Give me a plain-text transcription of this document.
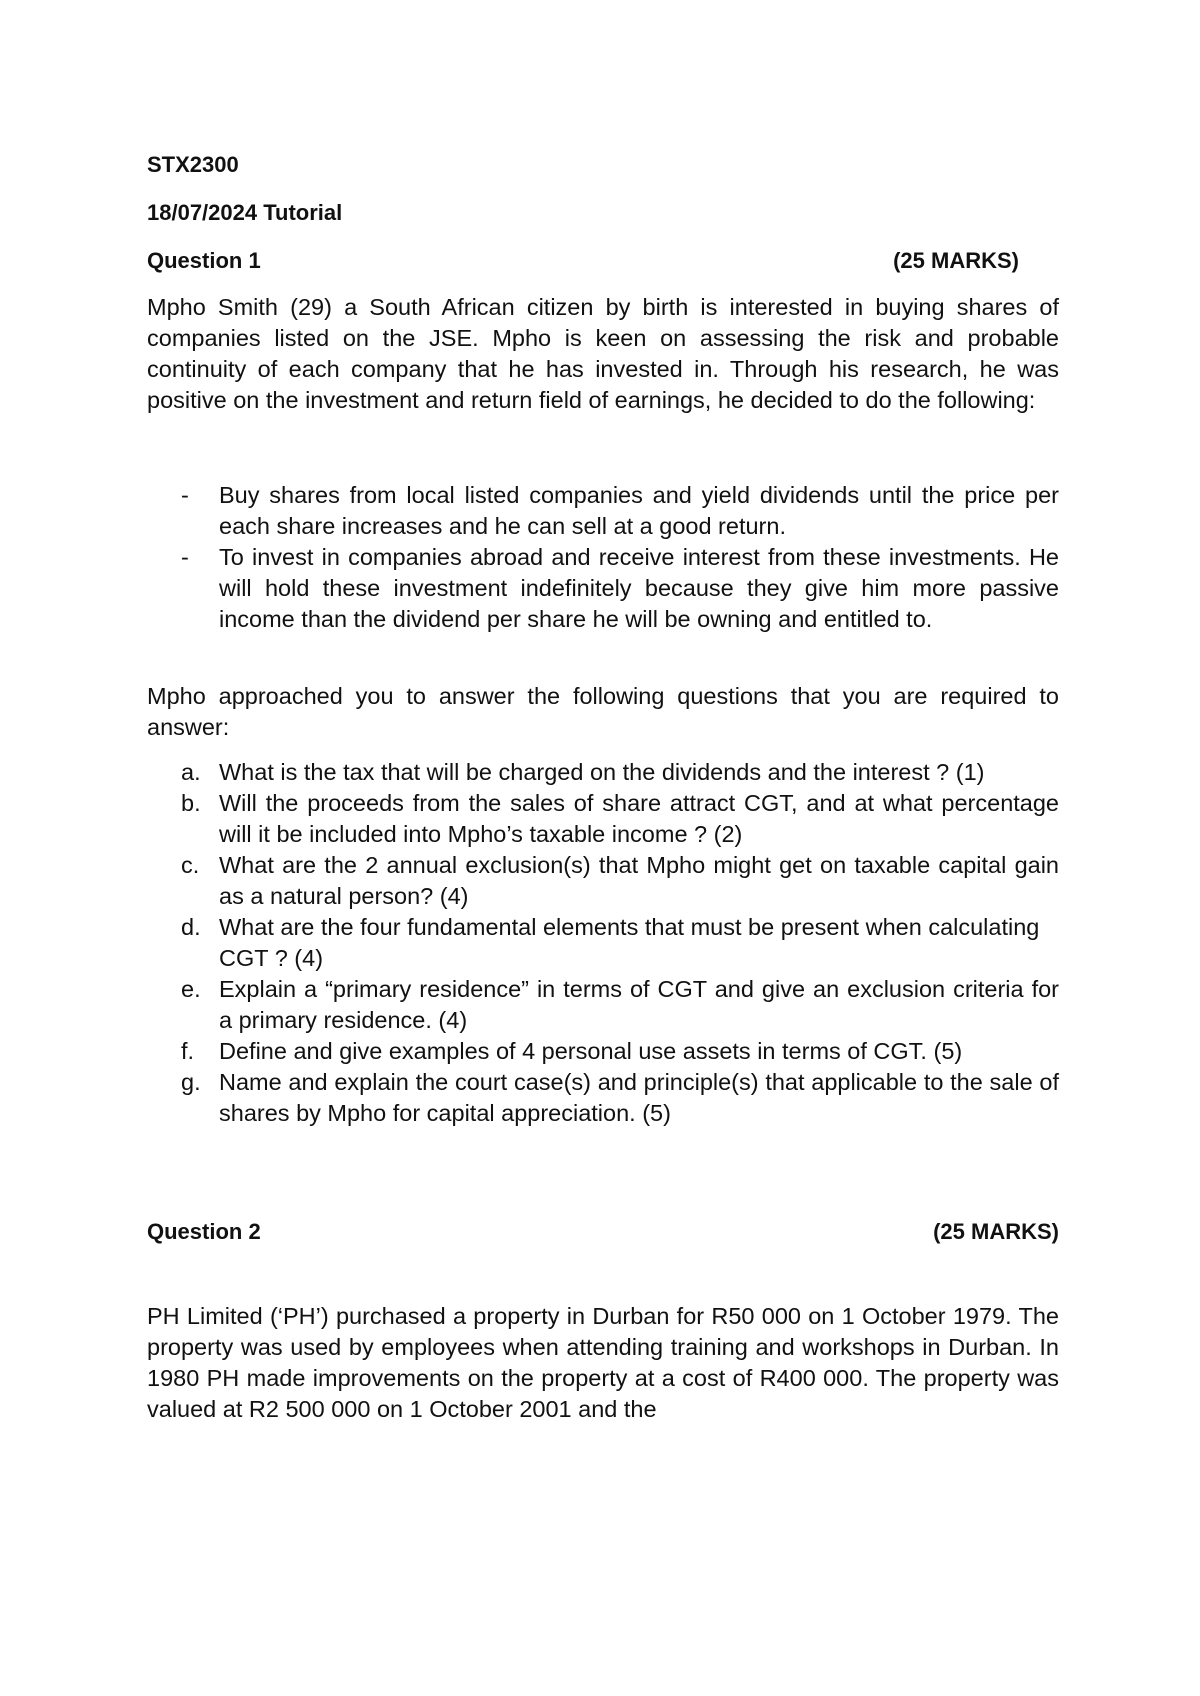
STX2300

18/07/2024 Tutorial
Question 1	(25 MARKS)

Mpho Smith (29) a South African citizen by birth is interested in buying shares of companies listed on the JSE. Mpho is keen on assessing the risk and probable continuity of each company that he has invested in. Through his research, he was positive on the investment and return field of earnings, he decided to do the following:

- Buy shares from local listed companies and yield dividends until the price per each share increases and he can sell at a good return.
- To invest in companies abroad and receive interest from these investments. He will hold these investment indefinitely because they give him more passive income than the dividend per share he will be owning and entitled to.

Mpho approached you to answer the following questions that you are required to answer:

a. What is the tax that will be charged on the dividends and the interest ? (1)
b. Will the proceeds from the sales of share attract CGT, and at what percentage will it be included into Mpho’s taxable income ? (2)
c. What are the 2 annual exclusion(s) that Mpho might get on taxable capital gain as a natural person? (4)
d. What are the four fundamental elements that must be present when calculating
CGT ? (4)
e. Explain a “primary residence” in terms of CGT and give an exclusion criteria for a primary residence. (4)
f. Define and give examples of 4 personal use assets in terms of CGT. (5)
g. Name and explain the court case(s) and principle(s) that applicable to the sale of shares by Mpho for capital appreciation. (5)
Question 2	(25 MARKS)

PH Limited (‘PH’) purchased a property in Durban for R50 000 on 1 October 1979. The property was used by employees when attending training and workshops in Durban. In 1980 PH made improvements on the property at a cost of R400 000. The property was valued at R2 500 000 on 1 October 2001 and the
